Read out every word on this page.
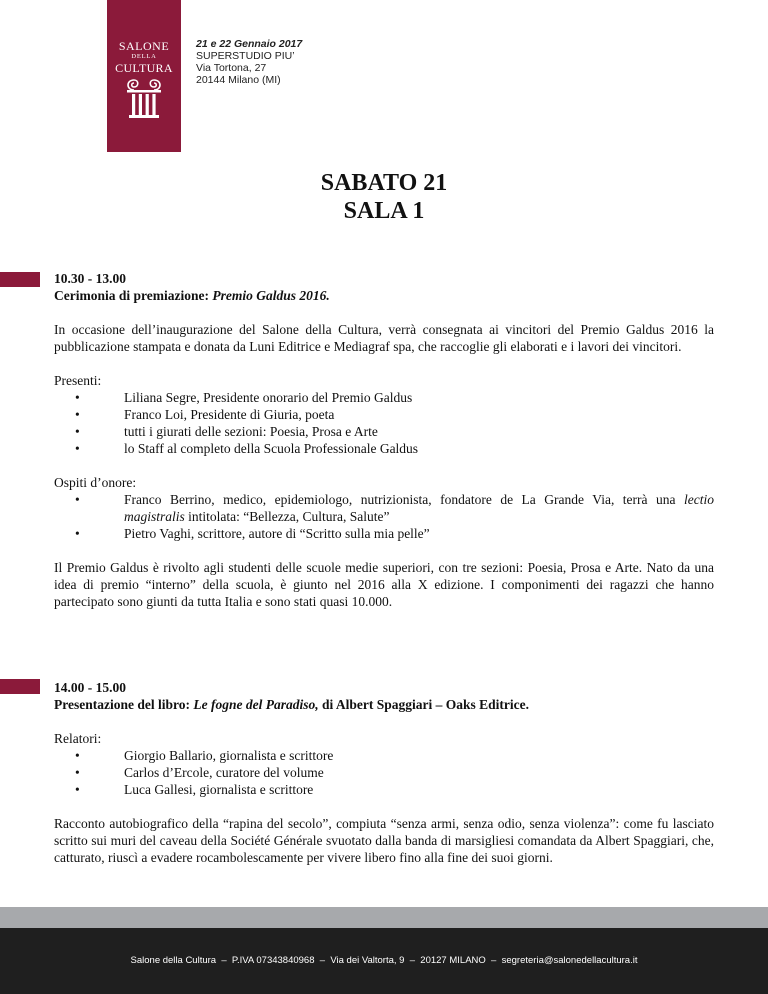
SALONE
DELLA
CULTURA
21 e 22 Gennaio 2017
SUPERSTUDIO PIU’
Via Tortona, 27
20144 Milano (MI)
SABATO 21
SALA 1

10.30 - 13.00
Cerimonia di premiazione: Premio Galdus 2016.

In occasione dell’inaugurazione del Salone della Cultura, verrà consegnata ai vincitori del Premio Galdus 2016 la pubblicazione stampata e donata da Luni Editrice e Mediagraf spa, che raccoglie gli elaborati e i lavori dei vincitori.

Presenti:
•	Liliana Segre, Presidente onorario del Premio Galdus
•	Franco Loi, Presidente di Giuria, poeta
•	tutti i giurati delle sezioni: Poesia, Prosa e Arte
•	lo Staff al completo della Scuola Professionale Galdus
Ospiti d’onore:
•	Franco Berrino, medico, epidemiologo, nutrizionista, fondatore de La Grande Via, terrà una lectio magistralis intitolata: “Bellezza, Cultura, Salute”
•	Pietro Vaghi, scrittore, autore di “Scritto sulla mia pelle”

Il Premio Galdus è rivolto agli studenti delle scuole medie superiori, con tre sezioni: Poesia, Prosa e Arte. Nato da una idea di premio “interno” della scuola, è giunto nel 2016 alla X edizione. I componimenti dei ragazzi che hanno partecipato sono giunti da tutta Italia e sono stati quasi 10.000.

14.00 - 15.00
Presentazione del libro: Le fogne del Paradiso, di Albert Spaggiari – Oaks Editrice.

Relatori:
•	Giorgio Ballario, giornalista e scrittore
•	Carlos d’Ercole, curatore del volume
•	Luca Gallesi, giornalista e scrittore

Racconto autobiografico della “rapina del secolo”, compiuta “senza armi, senza odio, senza violenza”: come fu lasciato scritto sui muri del caveau della Société Générale svuotato dalla banda di marsigliesi comandata da Albert Spaggiari, che, catturato, riuscì a evadere rocambolescamente per vivere libero fino alla fine dei suoi giorni.

Salone della Cultura  –  P.IVA 07343840968  –  Via dei Valtorta, 9  –  20127 MILANO  –  segreteria@salonedellacultura.it
